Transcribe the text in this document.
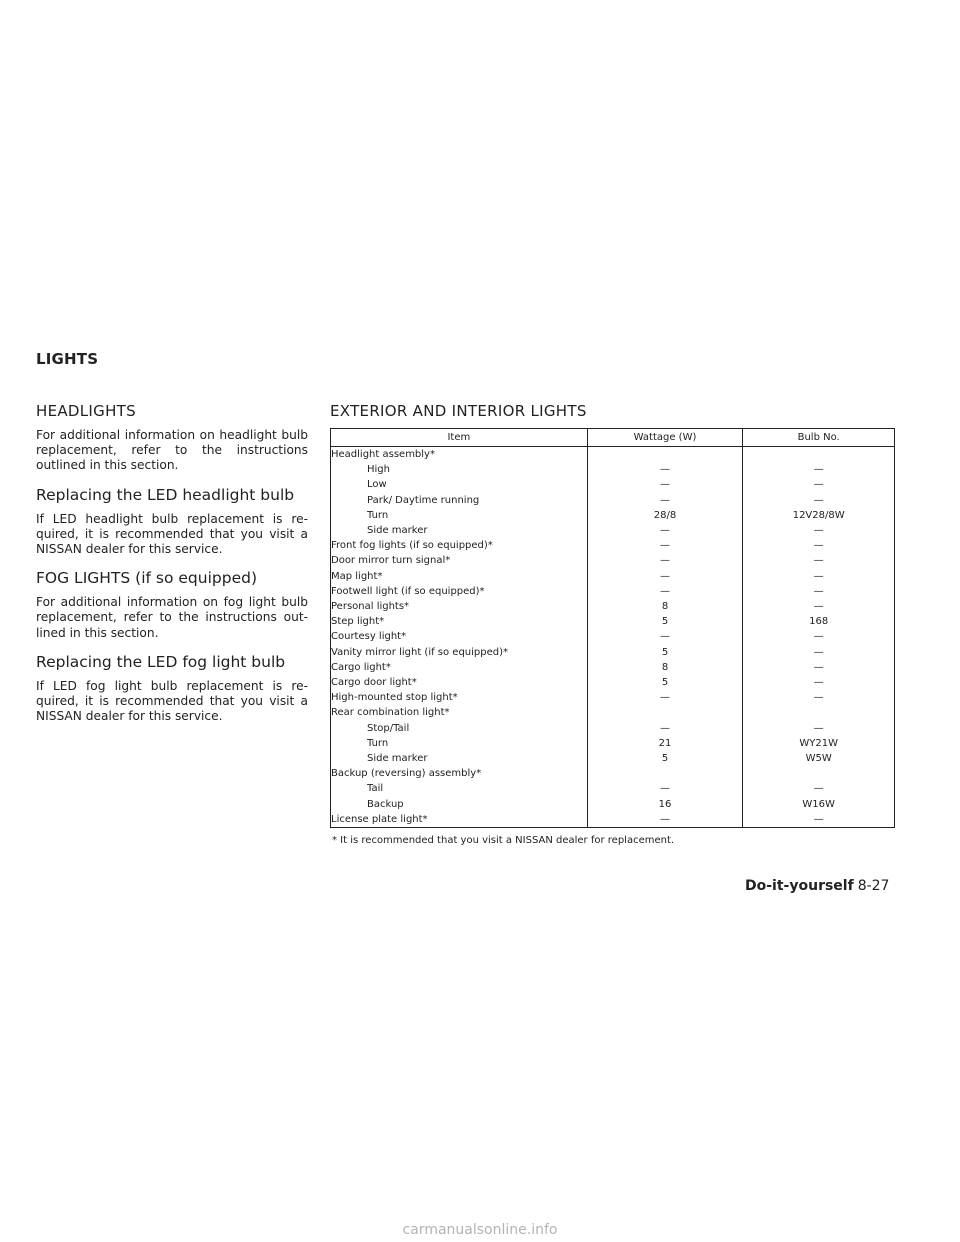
LIGHTS
HEADLIGHTS

For additional information on headlight bulb replacement, refer to the instructions outlined in this section.

Replacing the LED headlight bulb

If LED headlight bulb replacement is re- quired, it is recommended that you visit a NISSAN dealer for this service.

FOG LIGHTS (if so equipped)

For additional information on fog light bulb replacement, refer to the instructions out- lined in this section.

Replacing the LED fog light bulb

If LED fog light bulb replacement is re- quired, it is recommended that you visit a NISSAN dealer for this service.

EXTERIOR AND INTERIOR LIGHTS
Item	Wattage (W)	Bulb No.
Headlight assembly*		
High	—	—
Low	—	—
Park/ Daytime running	—	—
Turn	28/8	12V28/8W
Side marker	—	—
Front fog lights (if so equipped)*	—	—
Door mirror turn signal*	—	—
Map light*	—	—
Footwell light (if so equipped)*	—	—
Personal lights*	8	—
Step light*	5	168
Courtesy light*	—	—
Vanity mirror light (if so equipped)*	5	—
Cargo light*	8	—
Cargo door light*	5	—
High-mounted stop light*	—	—
Rear combination light*		
Stop/Tail	—	—
Turn	21	WY21W
Side marker	5	W5W
Backup (reversing) assembly*		
Tail	—	—
Backup	16	W16W
License plate light*	—	—
* It is recommended that you visit a NISSAN dealer for replacement.
Do-it-yourself 8-27
carmanualsonline.info
